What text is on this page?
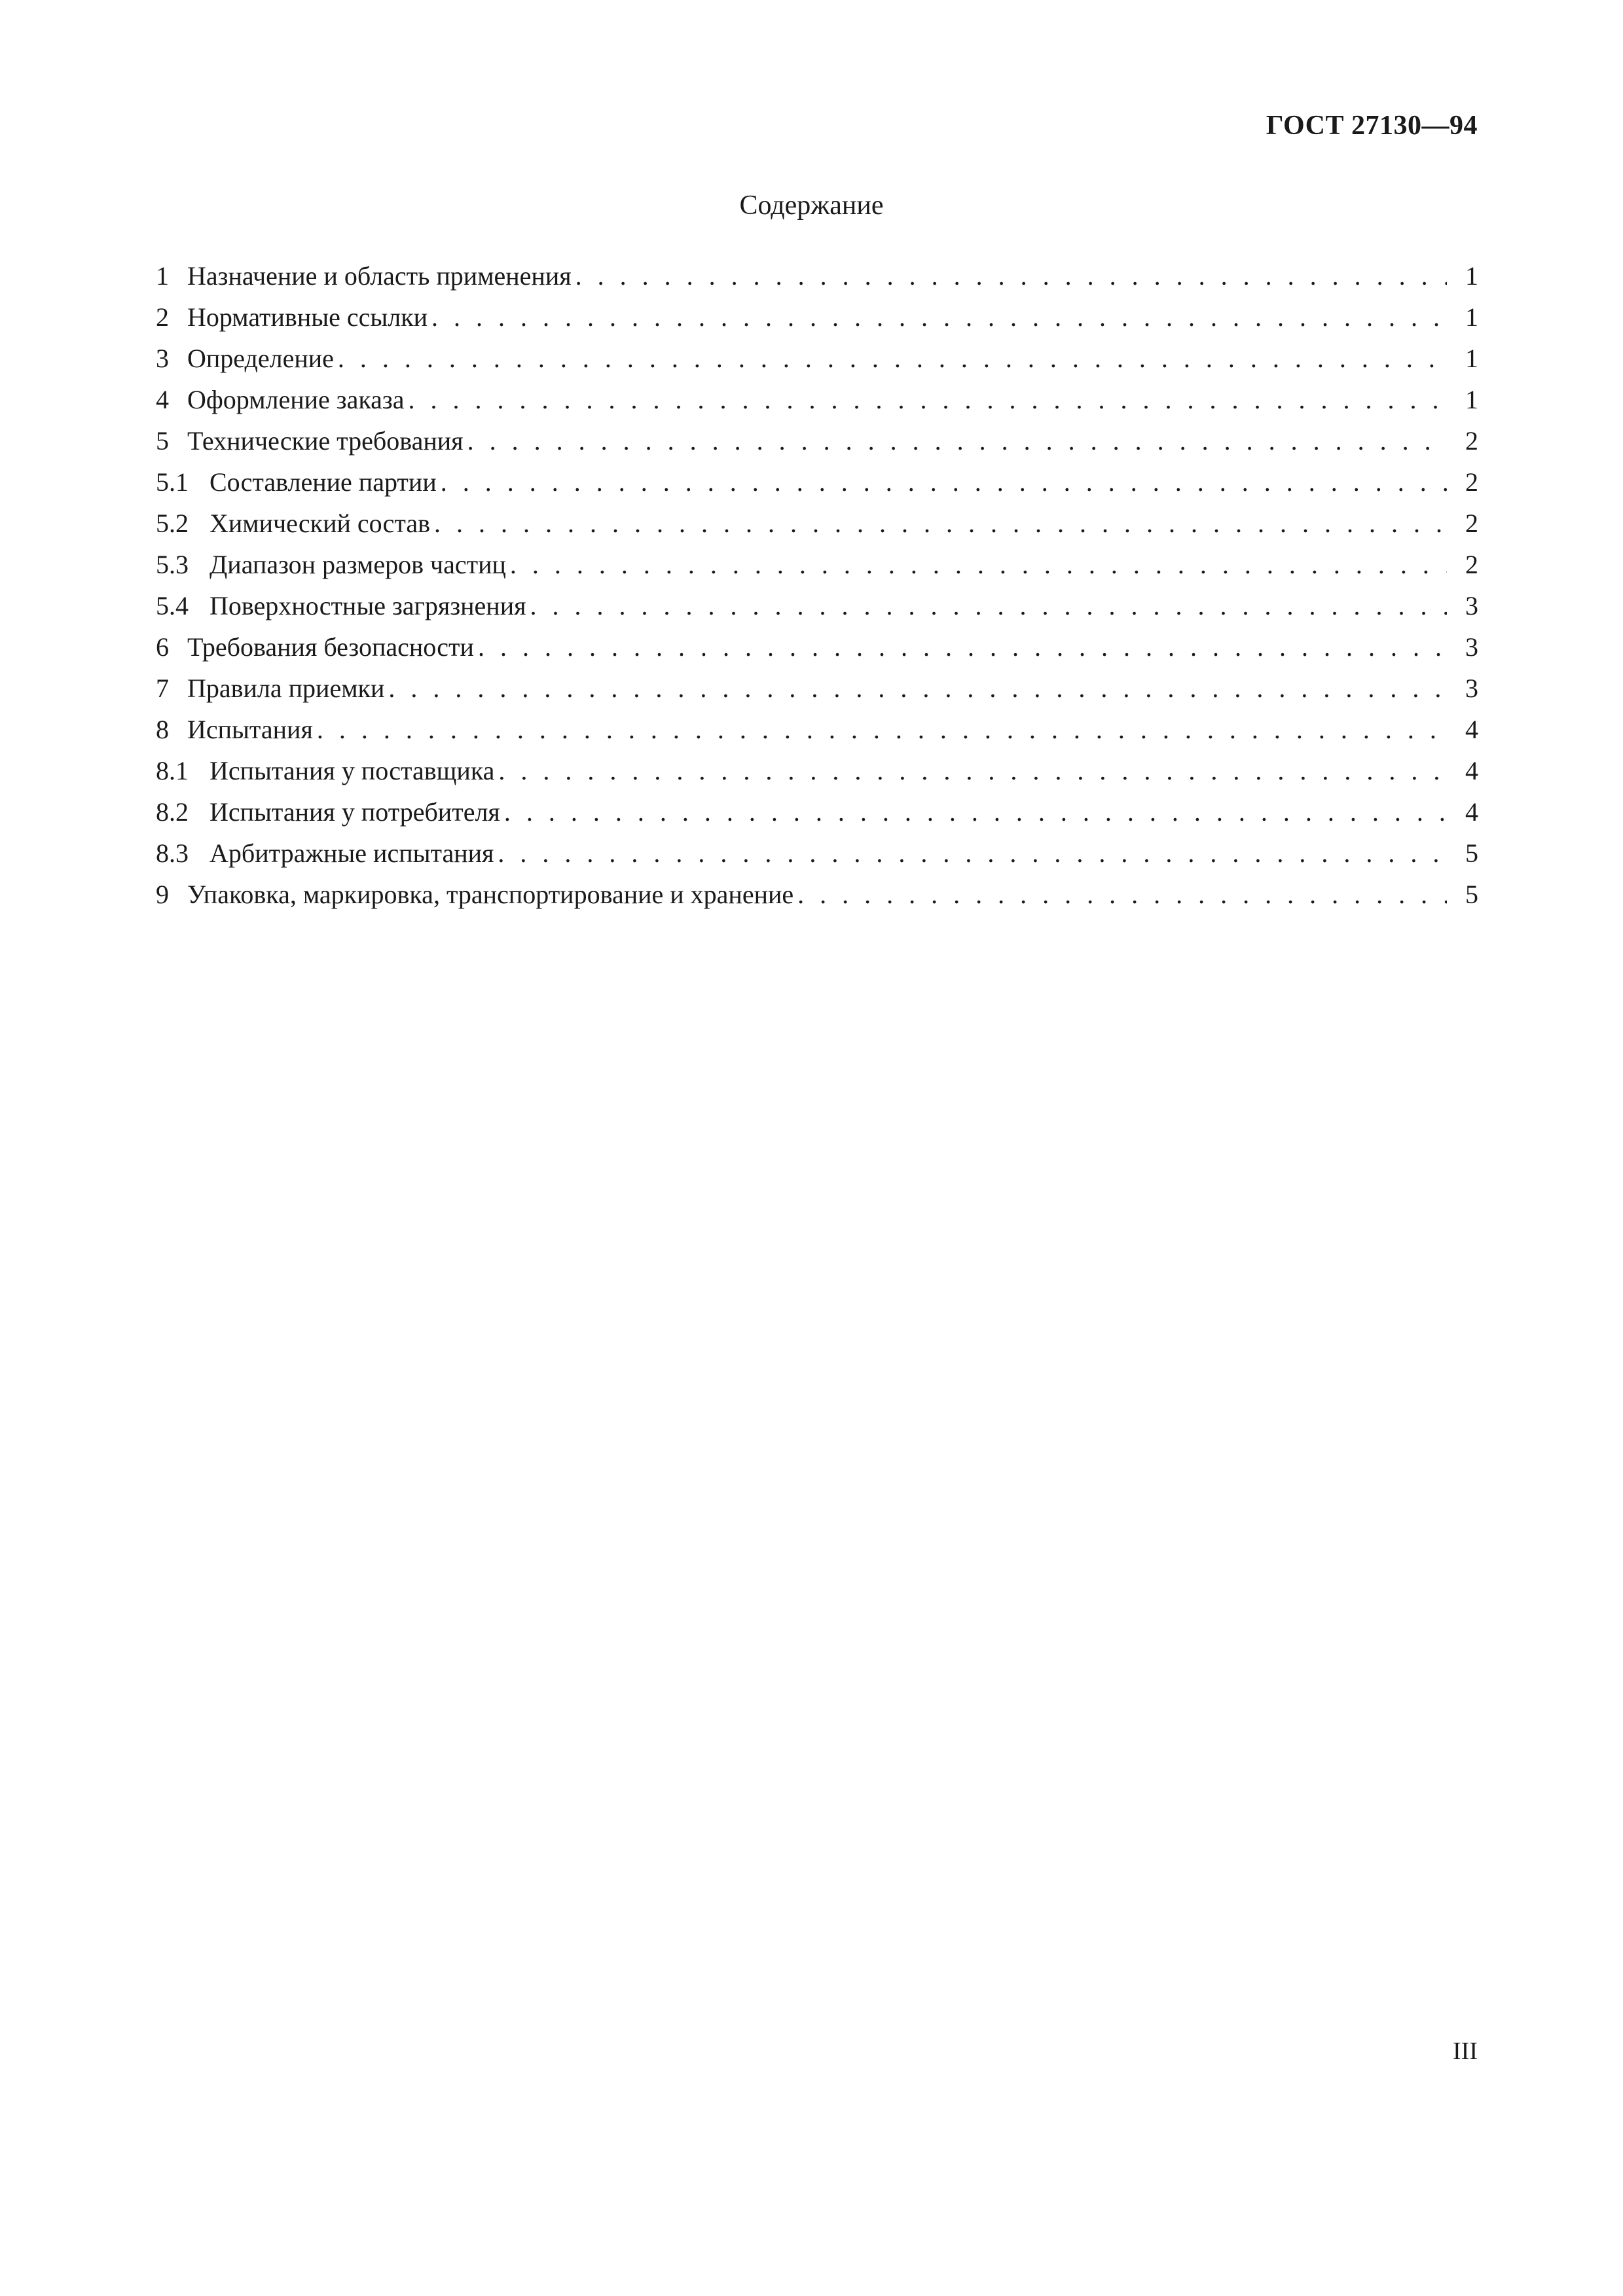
ГОСТ 27130—94
Содержание
1 Назначение и область применения . . .	1
2 Нормативные ссылки . . .	1
3 Определение . . .	1
4 Оформление заказа . . .	1
5 Технические требования . . .	2
5.1 Составление партии . . .	2
5.2 Химический состав . . .	2
5.3 Диапазон размеров частиц . . .	2
5.4 Поверхностные загрязнения . . .	3
6 Требования безопасности . . .	3
7 Правила приемки . . .	3
8 Испытания . . .	4
8.1 Испытания у поставщика . . .	4
8.2 Испытания у потребителя . . .	4
8.3 Арбитражные испытания . . .	5
9 Упаковка, маркировка, транспортирование и хранение . . .	5
III
